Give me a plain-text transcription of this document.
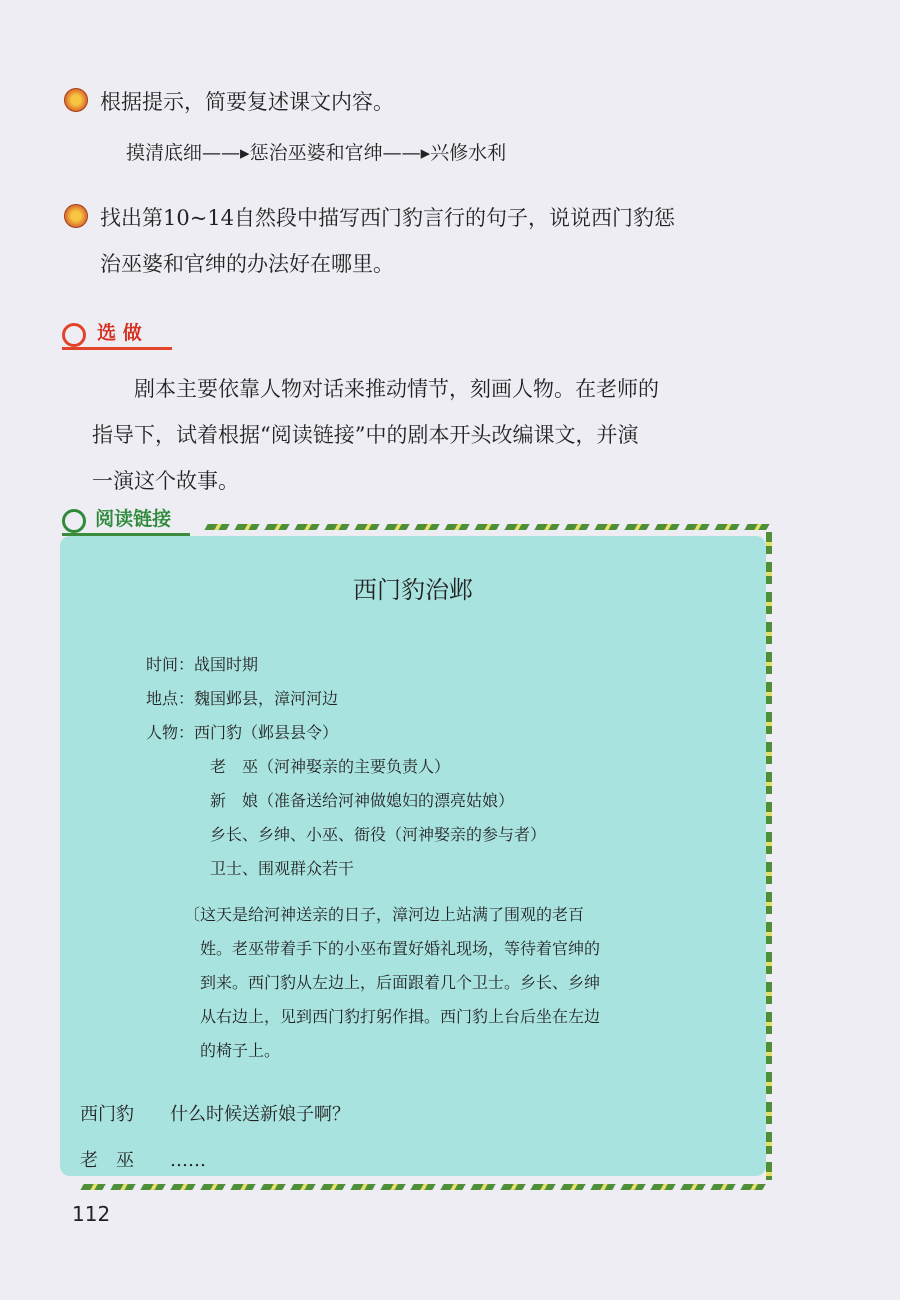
根据提示，简要复述课文内容。
摸清底细——▸惩治巫婆和官绅——▸兴修水利
找出第10~14自然段中描写西门豹言行的句子，说说西门豹惩
治巫婆和官绅的办法好在哪里。
选 做
剧本主要依靠人物对话来推动情节，刻画人物。在老师的
指导下，试着根据“阅读链接”中的剧本开头改编课文，并演
一演这个故事。
阅读链接
西门豹治邺
时间：战国时期
地点：魏国邺县，漳河河边
人物：西门豹（邺县县令）
老　巫（河神娶亲的主要负责人）
新　娘（准备送给河神做媳妇的漂亮姑娘）
乡长、乡绅、小巫、衙役（河神娶亲的参与者）
卫士、围观群众若干
〔这天是给河神送亲的日子，漳河边上站满了围观的老百
姓。老巫带着手下的小巫布置好婚礼现场，等待着官绅的
到来。西门豹从左边上，后面跟着几个卫士。乡长、乡绅
从右边上，见到西门豹打躬作揖。西门豹上台后坐在左边
的椅子上。
西门豹 什么时候送新娘子啊？
老　巫 ……
112
